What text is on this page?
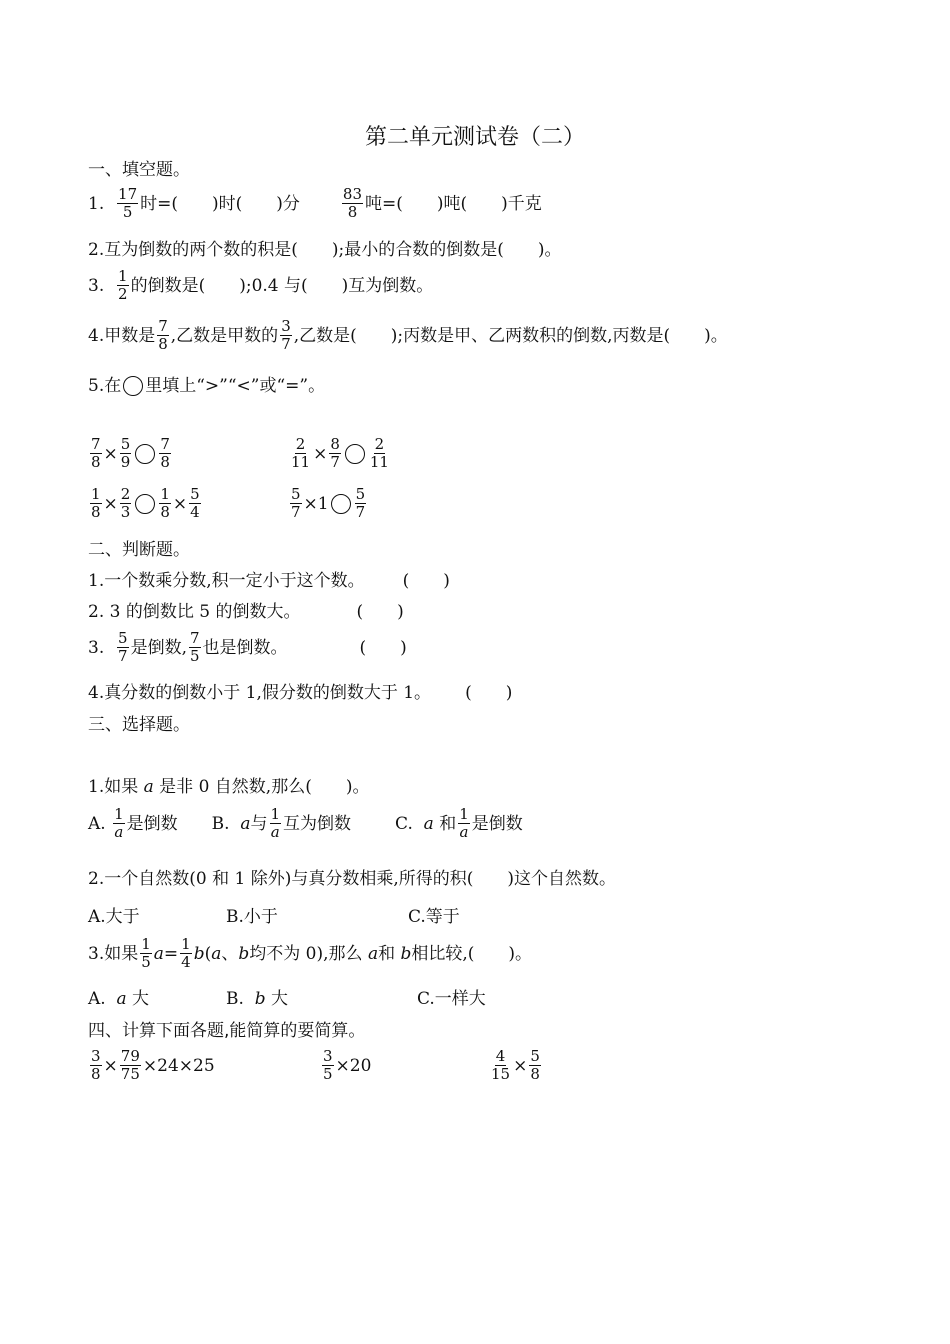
第二单元测试卷（二）
一、填空题。
1.
$\frac{17}{5}$ 时=(　　)时(　　)分	$\frac{83}{8}$ 吨=(　　)吨(　　)千克
2.互为倒数的两个数的积是(　　);最小的合数的倒数是(　　)。
3.
$\frac{1}{2}$ 的倒数是(　　);0.4 与(　　)互为倒数。
4.甲数是 $\frac{7}{8}$ ,乙数是甲数的 $\frac{3}{7}$ ,乙数是(　　);丙数是甲、乙两数积的倒数,丙数是(　　)。
5.在 里填上“>”“<”或“=”。
$\frac{7}{8} \times \frac{5}{9} \frac{7}{8}$	$\frac{2}{11} \times \frac{8}{7} \frac{2}{11}$
$\frac{1}{8} \times \frac{2}{3} \frac{1}{8} \times \frac{5}{4}$	$\frac{5}{7} \times 1 \frac{5}{7}$
二、判断题。
1.一个数乘分数,积一定小于这个数。 (　　)
2. 3 的倒数比 5 的倒数大。	(　　)
3.
$\frac{5}{7}$ 是倒数, $\frac{7}{5}$ 也是倒数。	(　　)
4.真分数的倒数小于 1,假分数的倒数大于 1。 (　　)
三、选择题。
1.如果 a 是非 0 自然数,那么(　　)。
A.
$\frac{1}{a}$ 是倒数 B.
a 与 $\frac{1}{a}$ 互为倒数	C.
a
和 $\frac{1}{a}$ 是倒数
2.一个自然数(0 和 1 除外)与真分数相乘,所得的积(　　)这个自然数。
A.大于	B.小于	C.等于
3.如果 $\frac{1}{5}$ $a = \frac{1}{4}$ b ( a 、 b 均不为 0),那么
a 和
b 相比较,(　　)。
A. a 大	B. b 大	C.一样大
四、计算下面各题,能简算的要简算。
$\frac{3}{8} \times \frac{79}{75} \times 24\times 25$	$\frac{3}{5} \times 20$	$\frac{4}{15} \times \frac{5}{8}$
